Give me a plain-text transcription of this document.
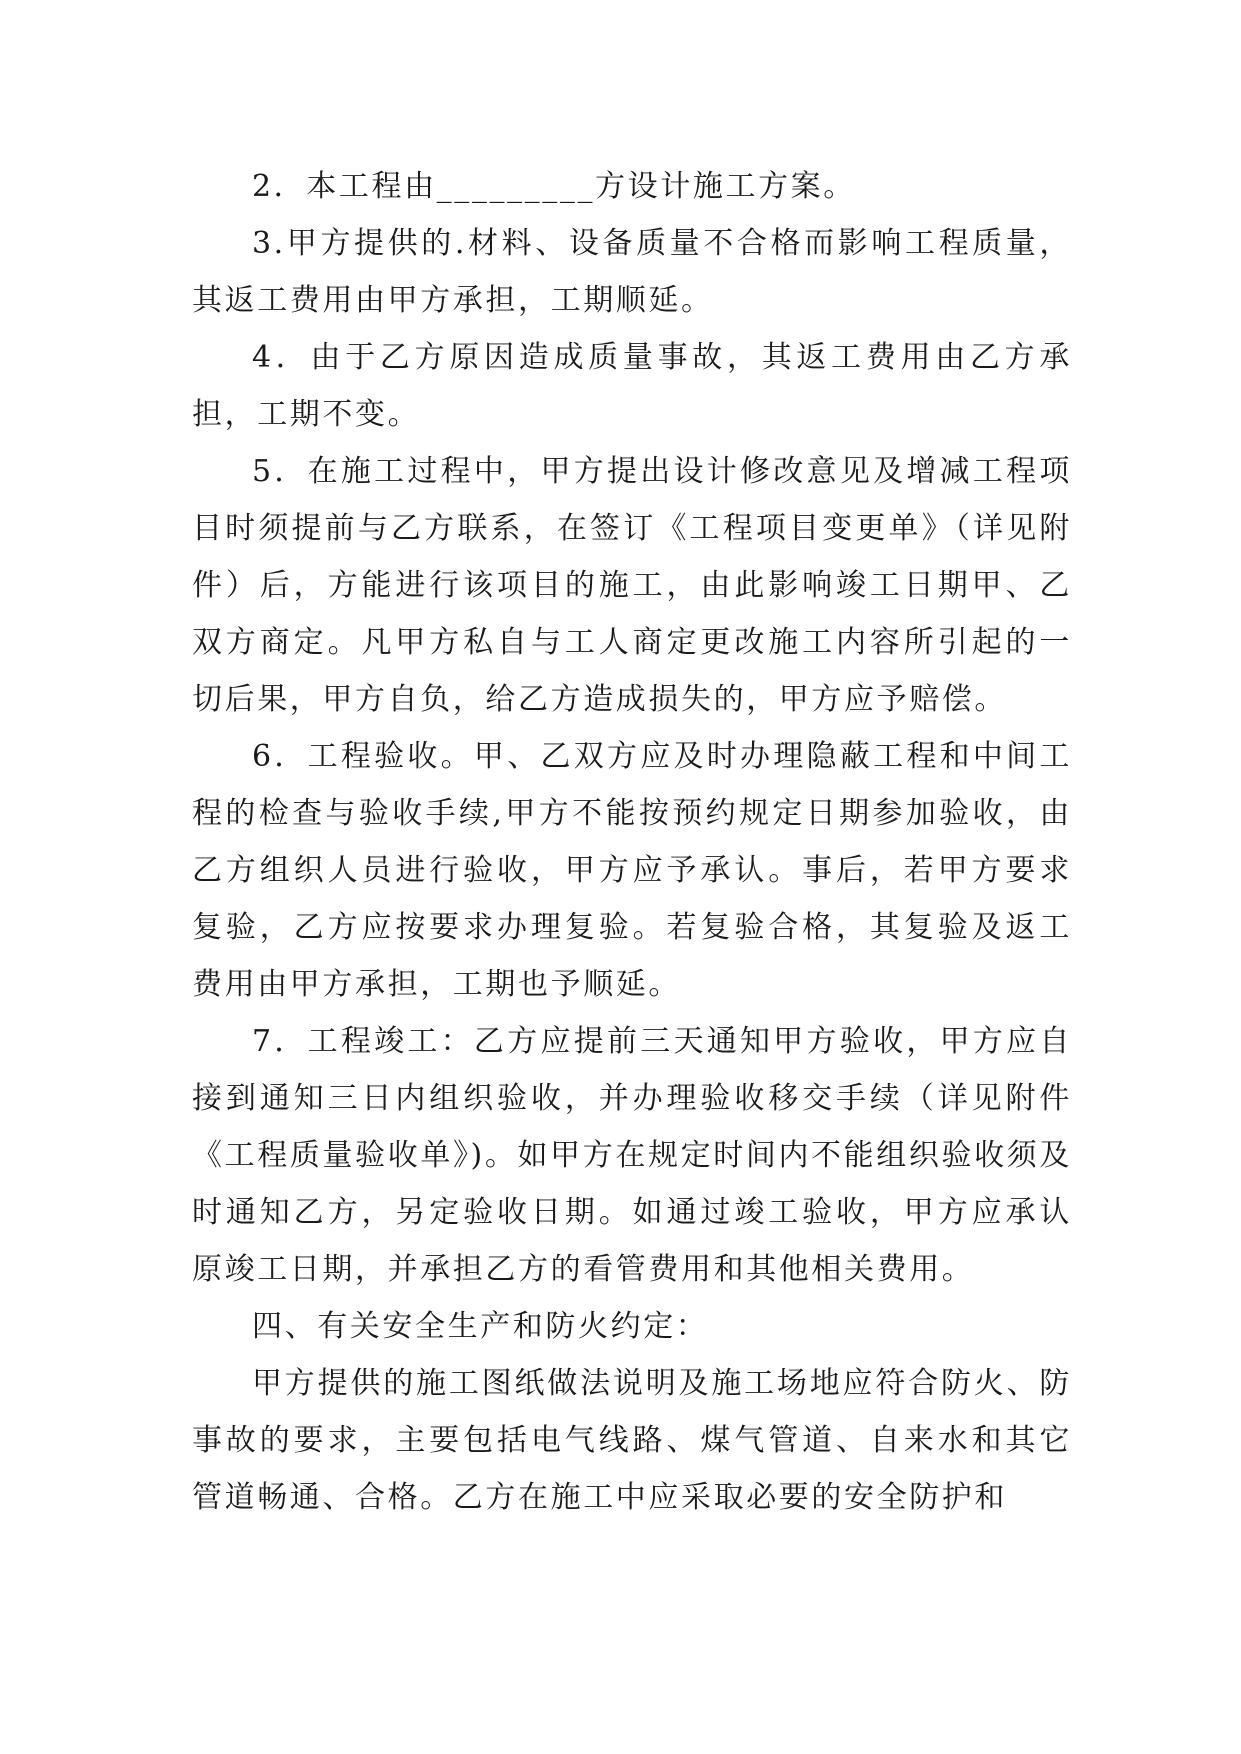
2．本工程由_________方设计施工方案。

3.甲方提供的.材料、设备质量不合格而影响工程质量，其返工费用由甲方承担，工期顺延。

4．由于乙方原因造成质量事故，其返工费用由乙方承担，工期不变。

5．在施工过程中，甲方提出设计修改意见及增减工程项目时须提前与乙方联系，在签订《工程项目变更单》（详见附件）后，方能进行该项目的施工，由此影响竣工日期甲、乙双方商定。凡甲方私自与工人商定更改施工内容所引起的一切后果，甲方自负，给乙方造成损失的，甲方应予赔偿。

6．工程验收。甲、乙双方应及时办理隐蔽工程和中间工程的检查与验收手续,甲方不能按预约规定日期参加验收，由乙方组织人员进行验收，甲方应予承认。事后，若甲方要求复验，乙方应按要求办理复验。若复验合格，其复验及返工费用由甲方承担，工期也予顺延。

7．工程竣工：乙方应提前三天通知甲方验收，甲方应自接到通知三日内组织验收，并办理验收移交手续（详见附件《工程质量验收单》)。如甲方在规定时间内不能组织验收须及时通知乙方，另定验收日期。如通过竣工验收，甲方应承认原竣工日期，并承担乙方的看管费用和其他相关费用。

四、有关安全生产和防火约定：

甲方提供的施工图纸做法说明及施工场地应符合防火、防事故的要求，主要包括电气线路、煤气管道、自来水和其它管道畅通、合格。乙方在施工中应采取必要的安全防护和
